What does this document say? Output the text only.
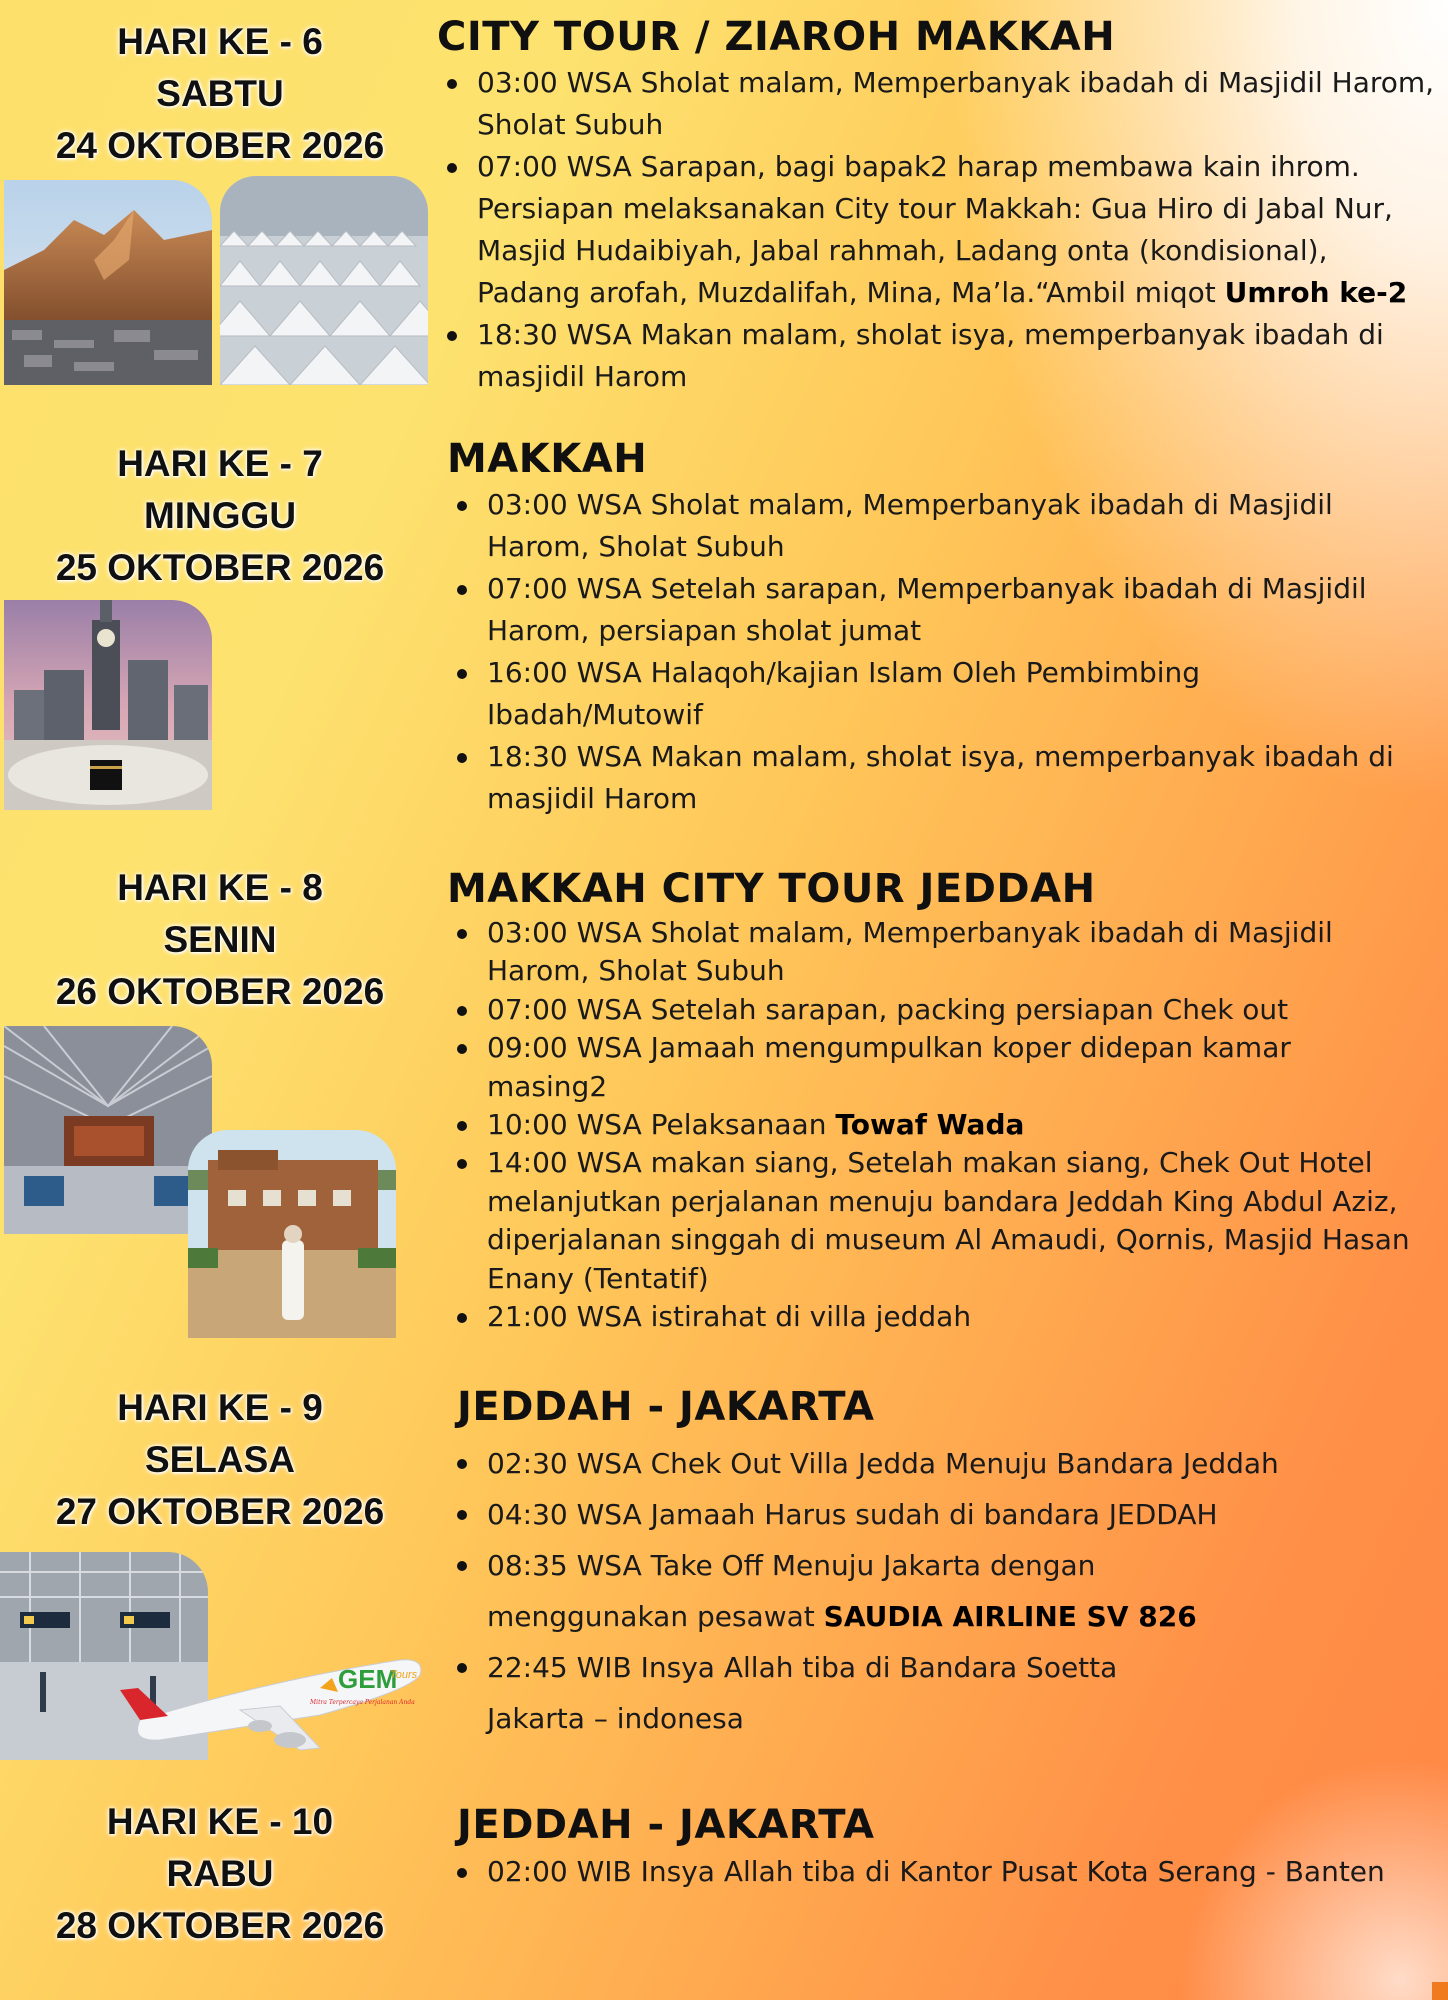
HARI KE - 6
SABTU
24 OKTOBER 2026
CITY TOUR / ZIAROH MAKKAH
03:00 WSA Sholat malam, Memperbanyak ibadah di Masjidil Harom, Sholat Subuh
07:00 WSA Sarapan, bagi bapak2 harap membawa kain ihrom. Persiapan melaksanakan City tour Makkah: Gua Hiro di Jabal Nur, Masjid Hudaibiyah, Jabal rahmah, Ladang onta (kondisional), Padang arofah, Muzdalifah, Mina, Ma’la.“Ambil miqot Umroh ke-2
18:30 WSA Makan malam, sholat isya, memperbanyak ibadah di masjidil Harom
HARI KE - 7
MINGGU
25 OKTOBER 2026
MAKKAH
03:00 WSA Sholat malam, Memperbanyak ibadah di Masjidil Harom, Sholat Subuh
07:00 WSA Setelah sarapan, Memperbanyak ibadah di Masjidil Harom, persiapan sholat jumat
16:00 WSA Halaqoh/kajian Islam Oleh Pembimbing Ibadah/Mutowif
18:30 WSA Makan malam, sholat isya, memperbanyak ibadah di masjidil Harom
HARI KE - 8
SENIN
26 OKTOBER 2026
MAKKAH CITY TOUR JEDDAH
03:00 WSA Sholat malam, Memperbanyak ibadah di Masjidil Harom, Sholat Subuh
07:00 WSA Setelah sarapan, packing persiapan Chek out
09:00 WSA Jamaah mengumpulkan koper didepan kamar masing2
10:00 WSA Pelaksanaan Towaf Wada
14:00 WSA makan siang, Setelah makan siang, Chek Out Hotel melanjutkan perjalanan menuju bandara Jeddah King Abdul Aziz, diperjalanan singgah di museum Al Amaudi, Qornis, Masjid Hasan Enany (Tentatif)
21:00 WSA istirahat di villa jeddah
HARI KE - 9
SELASA
27 OKTOBER 2026
GEM
Tours
Mitra Terpercaya Perjalanan Anda
JEDDAH - JAKARTA
02:30 WSA Chek Out Villa Jedda Menuju Bandara Jeddah
04:30 WSA Jamaah Harus sudah di bandara JEDDAH
08:35 WSA Take Off Menuju Jakarta dengan menggunakan pesawat SAUDIA AIRLINE SV 826
22:45 WIB Insya Allah tiba di Bandara Soetta Jakarta – indonesa
HARI KE - 10
RABU
28 OKTOBER 2026
JEDDAH - JAKARTA
02:00 WIB Insya Allah tiba di Kantor Pusat Kota Serang - Banten
